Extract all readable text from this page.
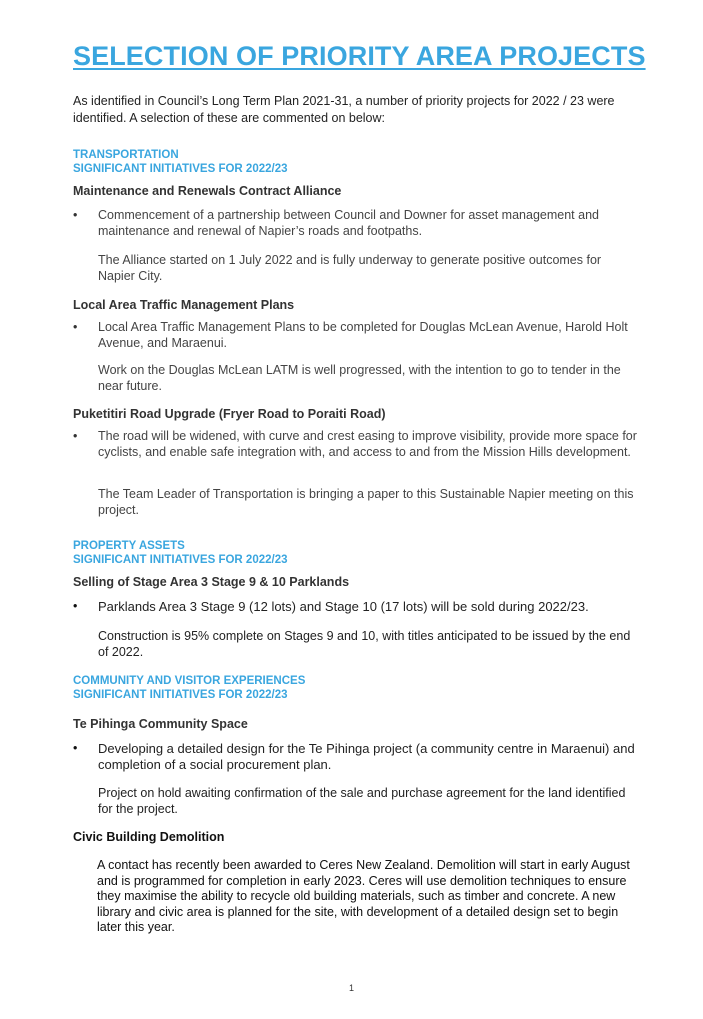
SELECTION OF PRIORITY AREA PROJECTS
As identified in Council’s Long Term Plan 2021-31, a number of priority projects for 2022 / 23 were identified. A selection of these are commented on below:
TRANSPORTATION
SIGNIFICANT INITIATIVES FOR 2022/23
Maintenance and Renewals Contract Alliance
• Commencement of a partnership between Council and Downer for asset management and maintenance and renewal of Napier’s roads and footpaths.
The Alliance started on 1 July 2022 and is fully underway to generate positive outcomes for Napier City.
Local Area Traffic Management Plans
• Local Area Traffic Management Plans to be completed for Douglas McLean Avenue, Harold Holt Avenue, and Maraenui.
Work on the Douglas McLean LATM is well progressed, with the intention to go to tender in the near future.
Puketitiri Road Upgrade (Fryer Road to Poraiti Road)
• The road will be widened, with curve and crest easing to improve visibility, provide more space for cyclists, and enable safe integration with, and access to and from the Mission Hills development.
The Team Leader of Transportation is bringing a paper to this Sustainable Napier meeting on this project.
PROPERTY ASSETS
SIGNIFICANT INITIATIVES FOR 2022/23
Selling of Stage Area 3 Stage 9 & 10 Parklands
• Parklands Area 3 Stage 9 (12 lots) and Stage 10 (17 lots) will be sold during 2022/23.
Construction is 95% complete on Stages 9 and 10, with titles anticipated to be issued by the end of 2022.
COMMUNITY AND VISITOR EXPERIENCES
SIGNIFICANT INITIATIVES FOR 2022/23
Te Pihinga Community Space
• Developing a detailed design for the Te Pihinga project (a community centre in Maraenui) and completion of a social procurement plan.
Project on hold awaiting confirmation of the sale and purchase agreement for the land identified for the project.
Civic Building Demolition
A contact has recently been awarded to Ceres New Zealand. Demolition will start in early August and is programmed for completion in early 2023. Ceres will use demolition techniques to ensure they maximise the ability to recycle old building materials, such as timber and concrete. A new library and civic area is planned for the site, with development of a detailed design set to begin later this year.
1
